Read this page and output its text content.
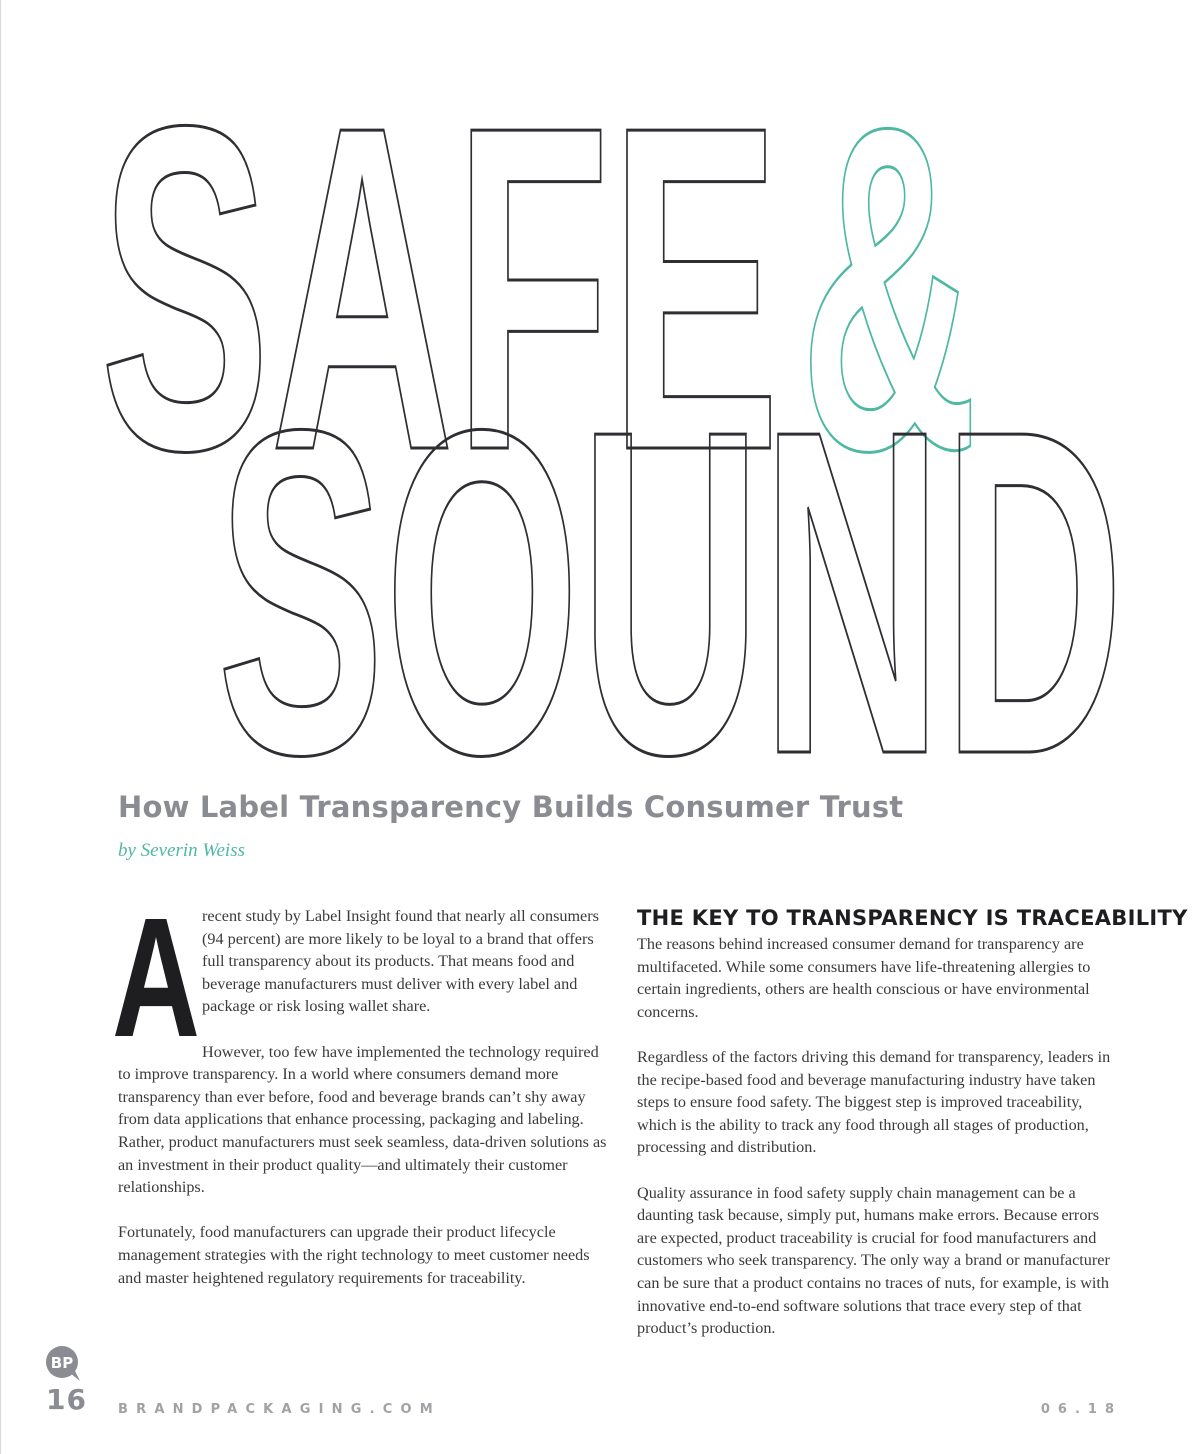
SAFE &
SOUND
How Label Transparency Builds Consumer Trust

by Severin Weiss

A recent study by Label Insight found that nearly all consumers (94 percent) are more likely to be loyal to a brand that offers full transparency about its products. That means food and beverage manufacturers must deliver with every label and package or risk losing wallet share.

However, too few have implemented the technology required to improve transparency. In a world where consumers demand more transparency than ever before, food and beverage brands can’t shy away from data applications that enhance processing, packaging and labeling. Rather, product manufacturers must seek seamless, data-driven solutions as an investment in their product quality—and ultimately their customer relationships.

Fortunately, food manufacturers can upgrade their product lifecycle management strategies with the right technology to meet customer needs and master heightened regulatory requirements for traceability.

THE KEY TO TRANSPARENCY IS TRACEABILITY

The reasons behind increased consumer demand for transparency are multifaceted. While some consumers have life-threatening allergies to certain ingredients, others are health conscious or have environmental concerns.

Regardless of the factors driving this demand for transparency, leaders in the recipe-based food and beverage manufacturing industry have taken steps to ensure food safety. The biggest step is improved traceability, which is the ability to track any food through all stages of production, processing and distribution.

Quality assurance in food safety supply chain management can be a daunting task because, simply put, humans make errors. Because errors are expected, product traceability is crucial for food manufacturers and customers who seek transparency. The only way a brand or manufacturer can be sure that a product contains no traces of nuts, for example, is with innovative end-to-end software solutions that trace every step of that product’s production.

BP

16 BRANDPACKAGING.COM	06.18
